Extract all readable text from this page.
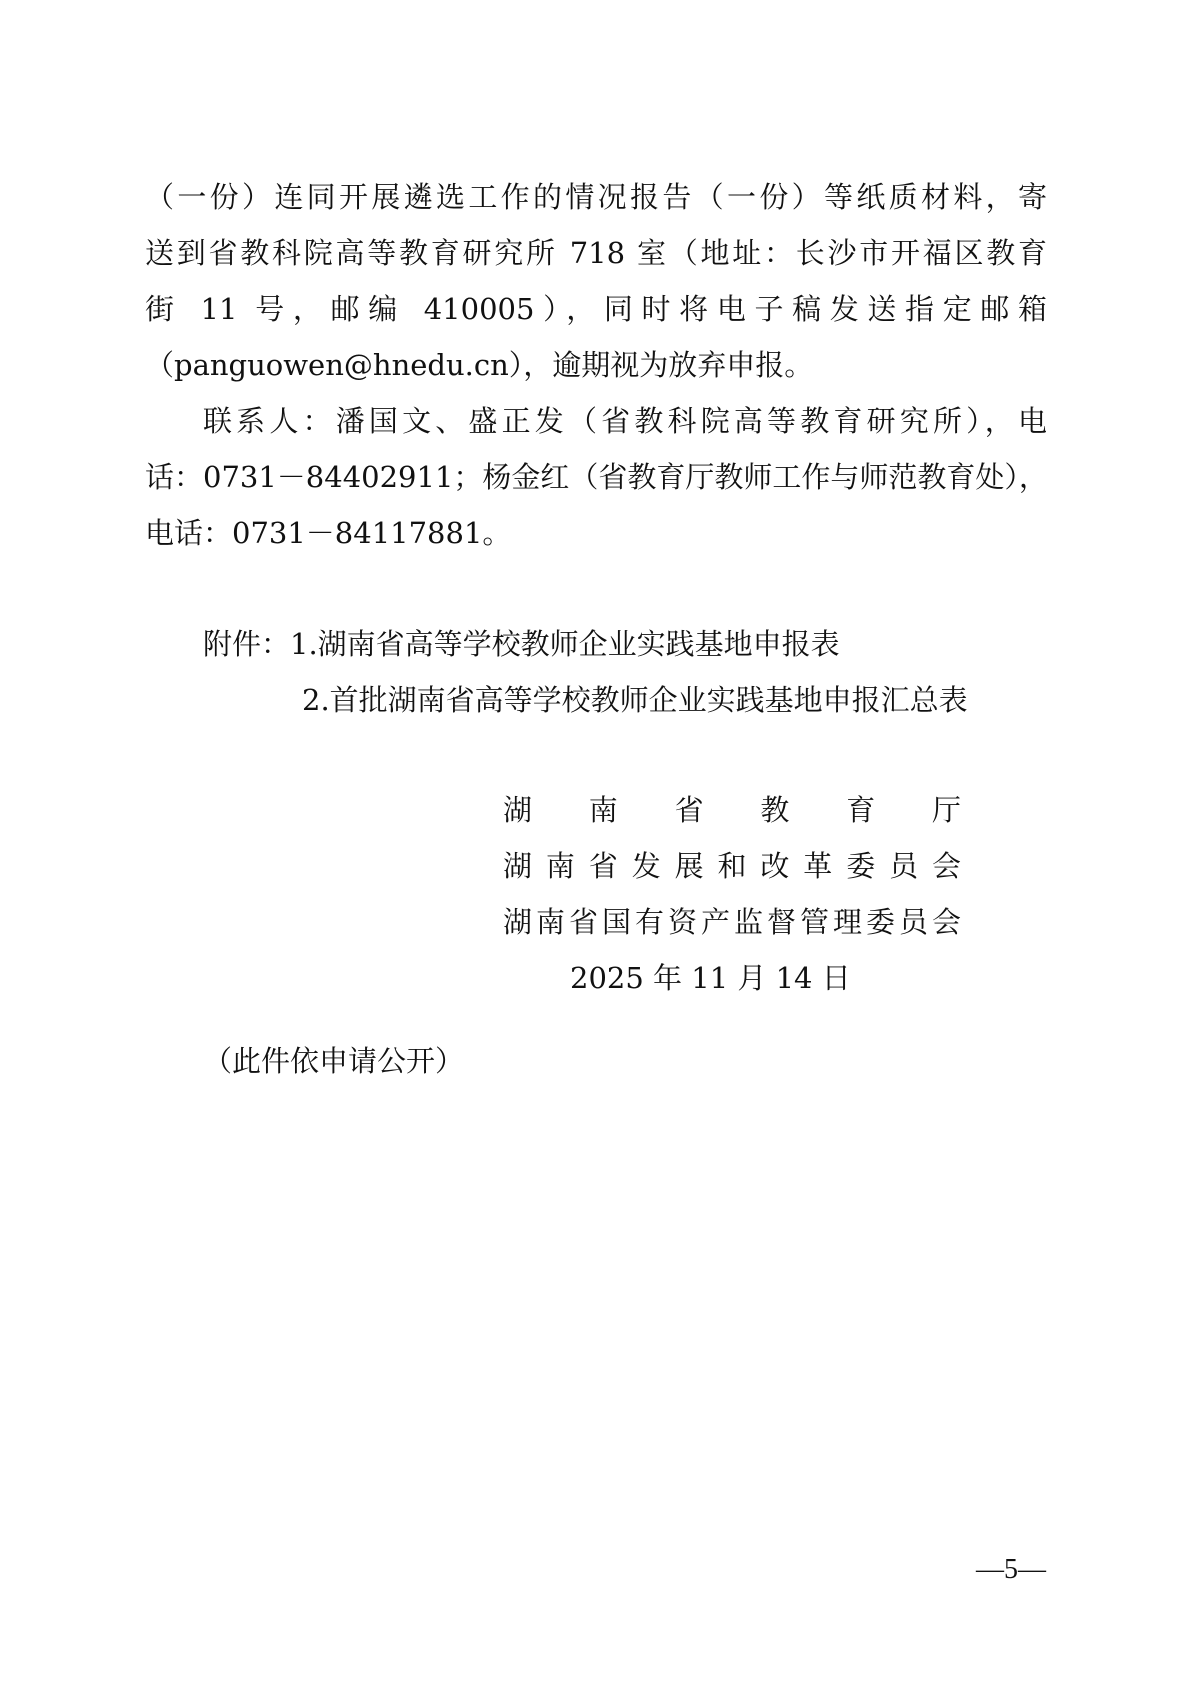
（一份）连同开展遴选工作的情况报告（一份）等纸质材料，寄
送到省教科院高等教育研究所 718 室（地址：长沙市开福区教育
街 11 号，邮编 410005），同时将电子稿发送指定邮箱
（panguowen@hnedu.cn），逾期视为放弃申报。
联系人：潘国文、盛正发（省教科院高等教育研究所），电
话：0731－84402911；杨金红（省教育厅教师工作与师范教育处），
电话：0731－84117881。
附件：1.湖南省高等学校教师企业实践基地申报表
2.首批湖南省高等学校教师企业实践基地申报汇总表
湖南省教育厅
湖南省发展和改革委员会
湖南省国有资产监督管理委员会
2025 年 11 月 14 日
（此件依申请公开）
—5—
